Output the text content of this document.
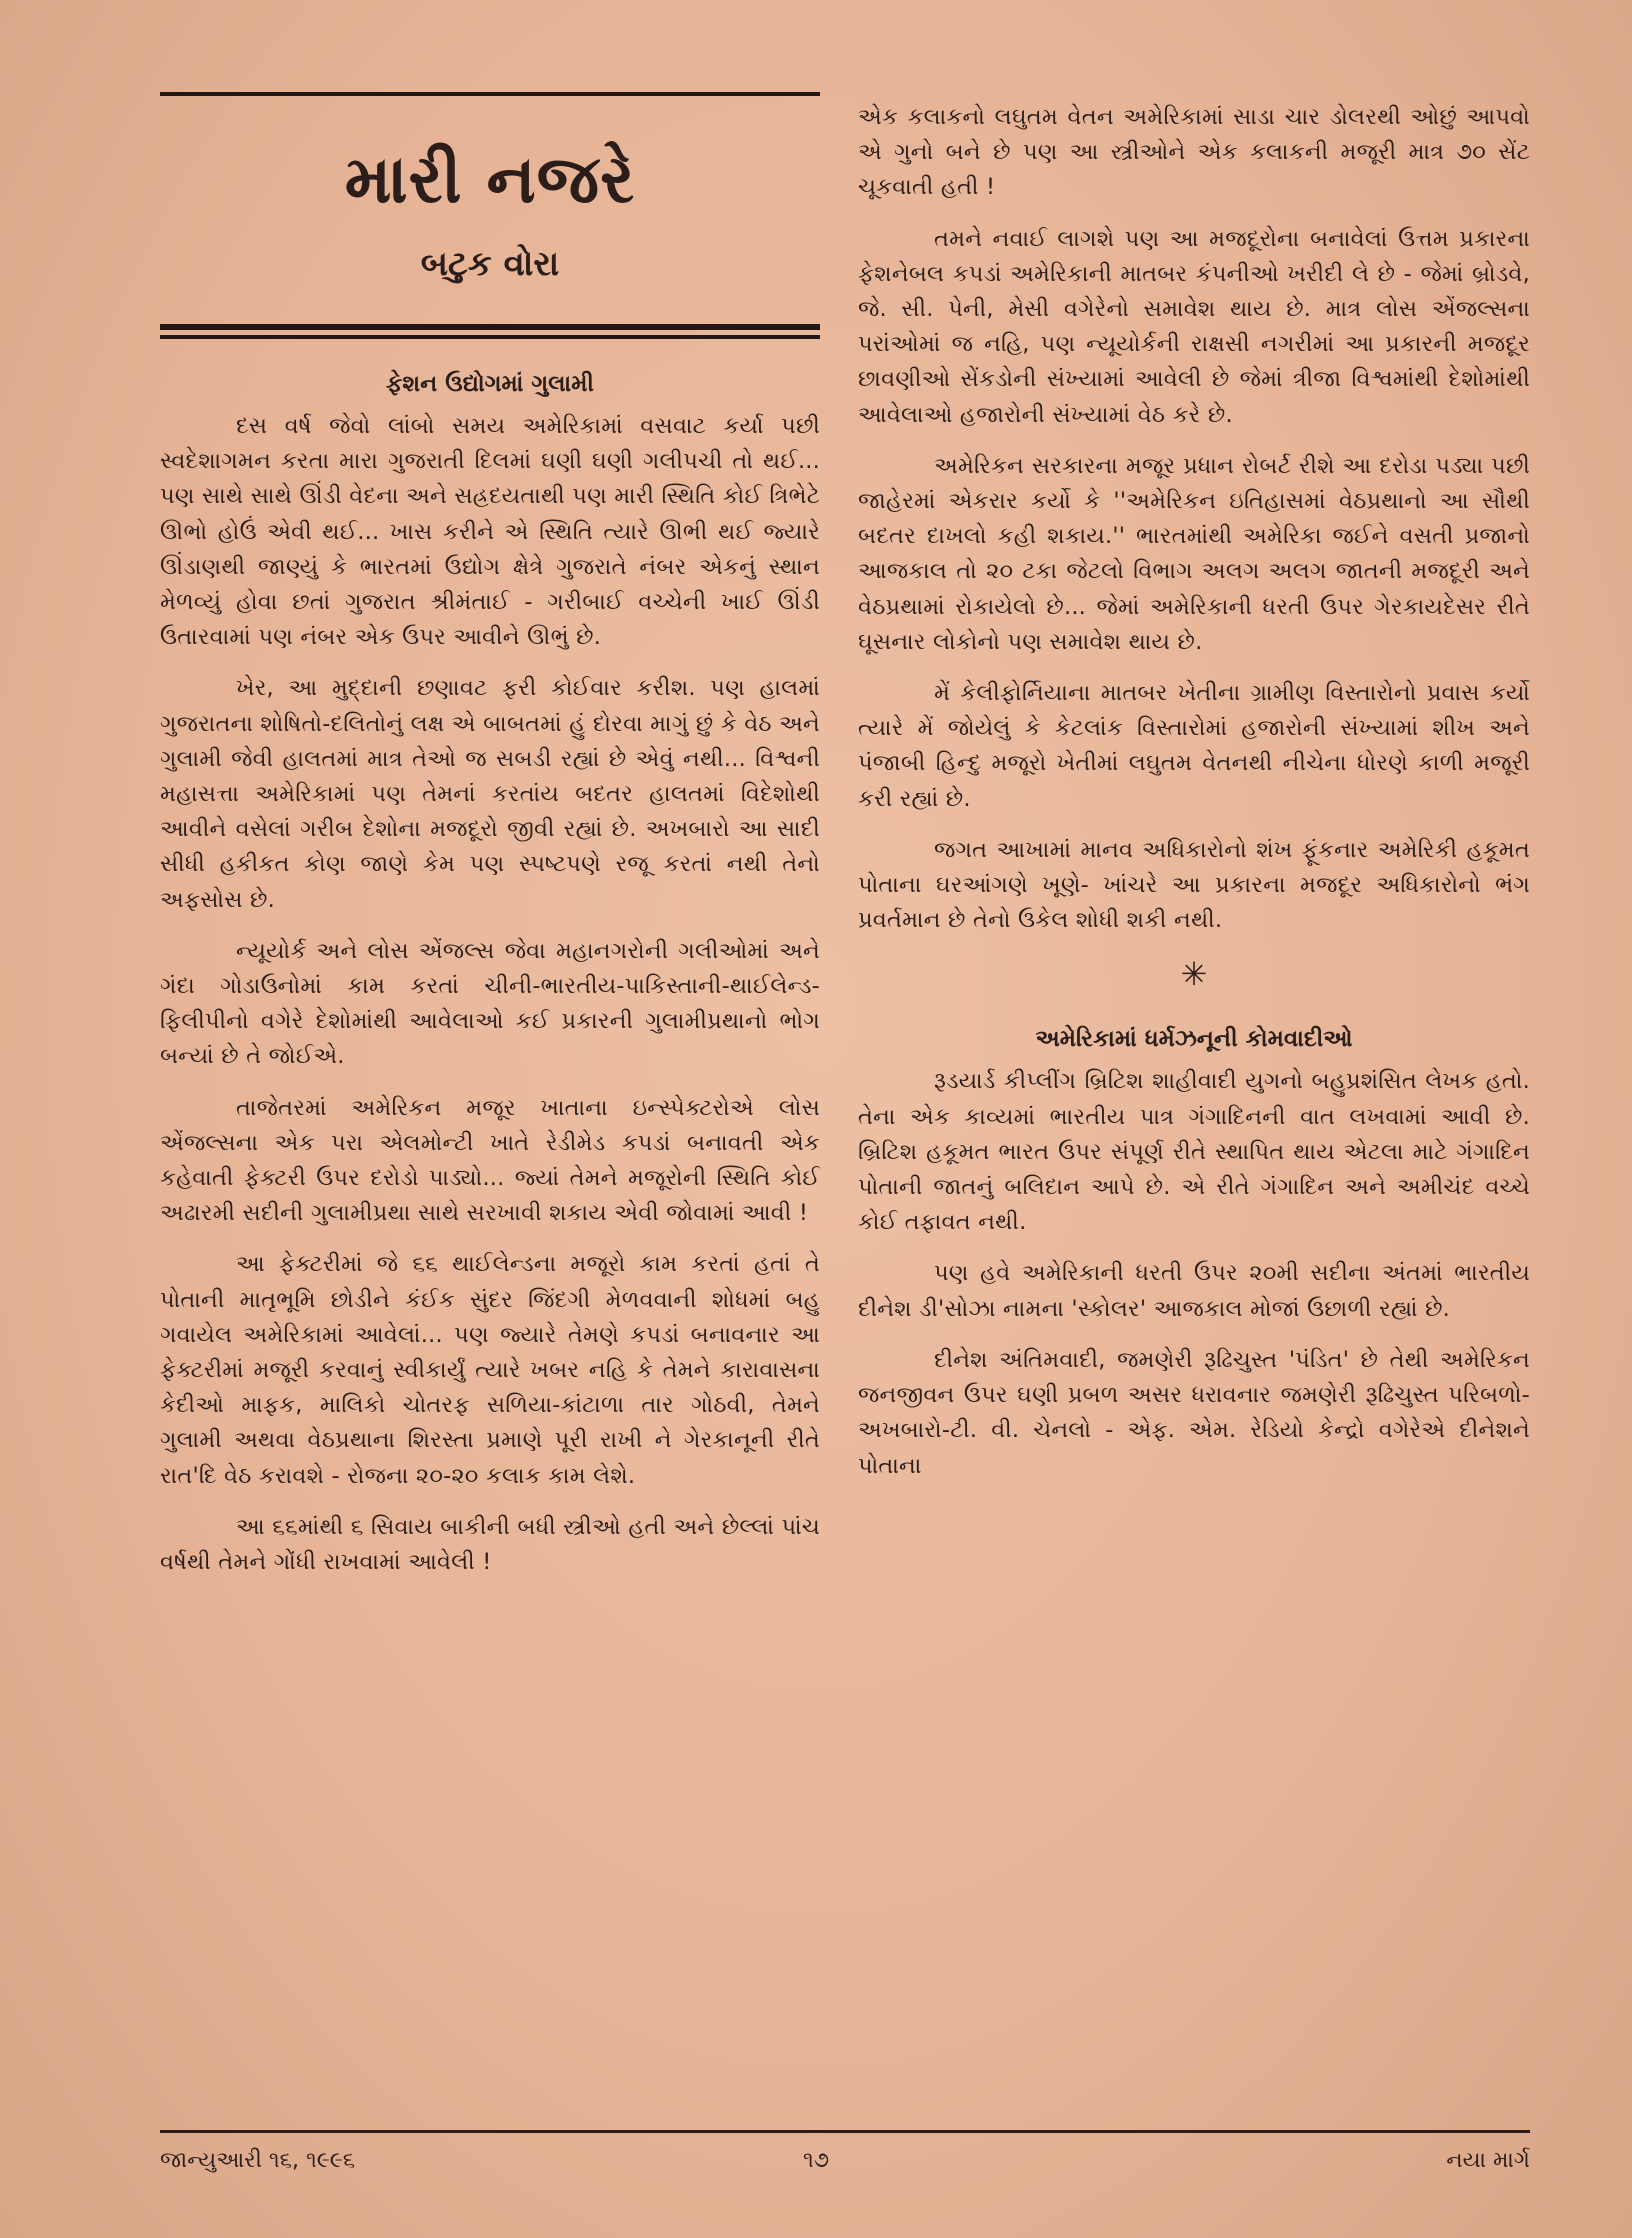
મારી નજરે
બટુક વોરા
ફેશન ઉદ્યોગમાં ગુલામી

દસ વર્ષ જેવો લાંબો સમય અમેરિકામાં વસવાટ કર્યા પછી સ્વદેશાગમન કરતા મારા ગુજરાતી દિલમાં ઘણી ઘણી ગલીપચી તો થઈ... પણ સાથે સાથે ઊંડી વેદના અને સહ્રદયતાથી પણ મારી સ્થિતિ કોઈ ત્રિભેટે ઊભો હોઉં એવી થઈ... ખાસ કરીને એ સ્થિતિ ત્યારે ઊભી થઈ જ્યારે ઊંડાણથી જાણ્યું કે ભારતમાં ઉદ્યોગ ક્ષેત્રે ગુજરાતે નંબર એકનું સ્થાન મેળવ્યું હોવા છતાં ગુજરાત શ્રીમંતાઈ - ગરીબાઈ વચ્ચેની ખાઈ ઊંડી ઉતારવામાં પણ નંબર એક ઉપર આવીને ઊભું છે.

ખેર, આ મુદ્દાની છણાવટ ફરી કોઈવાર કરીશ. પણ હાલમાં ગુજરાતના શોષિતો-દલિતોનું લક્ષ એ બાબતમાં હું દોરવા માગું છું કે વેઠ અને ગુલામી જેવી હાલતમાં માત્ર તેઓ જ સબડી રહ્યાં છે એવું નથી... વિશ્વની મહાસત્તા અમેરિકામાં પણ તેમનાં કરતાંય બદતર હાલતમાં વિદેશોથી આવીને વસેલાં ગરીબ દેશોના મજદૂરો જીવી રહ્યાં છે. અખબારો આ સાદી સીધી હકીકત કોણ જાણે કેમ પણ સ્પષ્ટપણે રજૂ કરતાં નથી તેનો અફસોસ છે.

ન્યૂયોર્ક અને લોસ એંજલ્સ જેવા મહાનગરોની ગલીઓમાં અને ગંદા ગોડાઉનોમાં કામ કરતાં ચીની-ભારતીય-પાકિસ્તાની-થાઈલેન્ડ-ફિલીપીનો વગેરે દેશોમાંથી આવેલાઓ કઈ પ્રકારની ગુલામીપ્રથાનો ભોગ બન્યાં છે તે જોઈએ.

તાજેતરમાં અમેરિકન મજૂર ખાતાના ઇન્સ્પેક્ટરોએ લોસ એંજલ્સના એક પરા એલમોન્ટી ખાતે રેડીમેડ કપડાં બનાવતી એક કહેવાતી ફેક્ટરી ઉપર દરોડો પાડ્યો... જ્યાં તેમને મજૂરોની સ્થિતિ કોઈ અઢારમી સદીની ગુલામીપ્રથા સાથે સરખાવી શકાય એવી જોવામાં આવી !

આ ફેક્ટરીમાં જે ૬૬ થાઈલેન્ડના મજૂરો કામ કરતાં હતાં તે પોતાની માતૃભૂમિ છોડીને કંઈક સુંદર જિંદગી મેળવવાની શોધમાં બહુ ગવાયેલ અમેરિકામાં આવેલાં... પણ જ્યારે તેમણે કપડાં બનાવનાર આ ફેક્ટરીમાં મજૂરી કરવાનું સ્વીકાર્યું ત્યારે ખબર નહિ કે તેમને કારાવાસના કેદીઓ માફક, માલિકો ચોતરફ સળિયા-કાંટાળા તાર ગોઠવી, તેમને ગુલામી અથવા વેઠપ્રથાના શિરસ્તા પ્રમાણે પૂરી રાખી ને ગેરકાનૂની રીતે રાત'દિ વેઠ કરાવશે - રોજના ૨૦-૨૦ કલાક કામ લેશે.

આ ૬૬માંથી ૬ સિવાય બાકીની બધી સ્ત્રીઓ હતી અને છેલ્લાં પાંચ વર્ષથી તેમને ગોંધી રાખવામાં આવેલી !

એક કલાકનો લઘુતમ વેતન અમેરિકામાં સાડા ચાર ડોલરથી ઓછું આપવો એ ગુનો બને છે પણ આ સ્ત્રીઓને એક કલાકની મજૂરી માત્ર ૭૦ સેંટ ચૂકવાતી હતી !

તમને નવાઈ લાગશે પણ આ મજદૂરોના બનાવેલાં ઉત્તમ પ્રકારના ફેશનેબલ કપડાં અમેરિકાની માતબર કંપનીઓ ખરીદી લે છે - જેમાં બ્રોડવે, જે. સી. પેની, મેસી વગેરેનો સમાવેશ થાય છે. માત્ર લોસ એંજલ્સના પરાંઓમાં જ નહિ, પણ ન્યૂયોર્કની રાક્ષસી નગરીમાં આ પ્રકારની મજદૂર છાવણીઓ સેંકડોની સંખ્યામાં આવેલી છે જેમાં ત્રીજા વિશ્વમાંથી દેશોમાંથી આવેલાઓ હજારોની સંખ્યામાં વેઠ કરે છે.

અમેરિકન સરકારના મજૂર પ્રધાન રોબર્ટ રીશે આ દરોડા પડ્યા પછી જાહેરમાં એકરાર કર્યો કે ''અમેરિકન ઇતિહાસમાં વેઠપ્રથાનો આ સૌથી બદતર દાખલો કહી શકાય.'' ભારતમાંથી અમેરિકા જઈને વસતી પ્રજાનો આજકાલ તો ૨૦ ટકા જેટલો વિભાગ અલગ અલગ જાતની મજદૂરી અને વેઠપ્રથામાં રોકાયેલો છે... જેમાં અમેરિકાની ધરતી ઉપર ગેરકાયદેસર રીતે ઘૂસનાર લોકોનો પણ સમાવેશ થાય છે.

મેં કેલીફોર્નિયાના માતબર ખેતીના ગ્રામીણ વિસ્તારોનો પ્રવાસ કર્યો ત્યારે મેં જોયેલું કે કેટલાંક વિસ્તારોમાં હજારોની સંખ્યામાં શીખ અને પંજાબી હિન્દુ મજૂરો ખેતીમાં લઘુતમ વેતનથી નીચેના ધોરણે કાળી મજૂરી કરી રહ્યાં છે.

જગત આખામાં માનવ અધિકારોનો શંખ ફૂંકનાર અમેરિકી હકૂમત પોતાના ઘરઆંગણે ખૂણે- ખાંચરે આ પ્રકારના મજદૂર અધિકારોનો ભંગ પ્રવર્તમાન છે તેનો ઉકેલ શોધી શકી નથી.

✳
અમેરિકામાં ધર્મઝનૂની કોમવાદીઓ

રૂડયાર્ડ કીપ્લીંગ બ્રિટિશ શાહીવાદી યુગનો બહુપ્રશંસિત લેખક હતો. તેના એક કાવ્યમાં ભારતીય પાત્ર ગંગાદિનની વાત લખવામાં આવી છે. બ્રિટિશ હકૂમત ભારત ઉપર સંપૂર્ણ રીતે સ્થાપિત થાય એટલા માટે ગંગાદિન પોતાની જાતનું બલિદાન આપે છે. એ રીતે ગંગાદિન અને અમીચંદ વચ્ચે કોઈ તફાવત નથી.

પણ હવે અમેરિકાની ધરતી ઉપર ૨૦મી સદીના અંતમાં ભારતીય દીનેશ ડી'સોઝા નામના 'સ્કોલર' આજકાલ મોજાં ઉછાળી રહ્યાં છે.

દીનેશ અંતિમવાદી, જમણેરી રૂઢિચુસ્ત 'પંડિત' છે તેથી અમેરિકન જનજીવન ઉપર ઘણી પ્રબળ અસર ધરાવનાર જમણેરી રૂઢિચુસ્ત પરિબળો-અખબારો-ટી. વી. ચેનલો - એફ. એમ. રેડિયો કેન્દ્રો વગેરેએ દીનેશને પોતાના

જાન્યુઆરી ૧૬, ૧૯૯૬	૧૭	નયા માર્ગ
